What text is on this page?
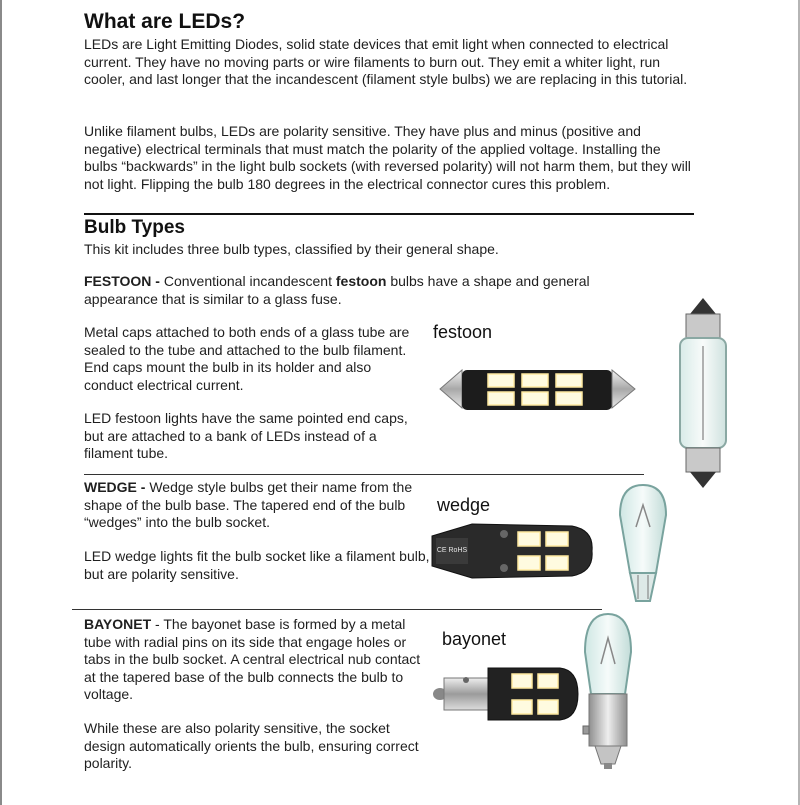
What are LEDs?

LEDs are Light Emitting Diodes, solid state devices that emit light when connected to electrical current. They have no moving parts or wire filaments to burn out. They emit a whiter light, run cooler, and last longer that the incandescent (filament style bulbs) we are replacing in this tutorial.

Unlike filament bulbs, LEDs are polarity sensitive. They have plus and minus (positive and negative) electrical terminals that must match the polarity of the applied voltage. Installing the bulbs “backwards” in the light bulb sockets (with reversed polarity) will not harm them, but they will not light. Flipping the bulb 180 degrees in the electrical connector cures this problem.

Bulb Types

This kit includes three bulb types, classified by their general shape.

FESTOON - Conventional incandescent festoon bulbs have a shape and general appearance that is similar to a glass fuse.

Metal caps attached to both ends of a glass tube are sealed to the tube and attached to the bulb filament. End caps mount the bulb in its holder and also conduct electrical current.

LED festoon lights have the same pointed end caps, but are attached to a bank of LEDs instead of a filament tube.

festoon

WEDGE - Wedge style bulbs get their name from the shape of the bulb base. The tapered end of the bulb “wedges” into the bulb socket.

LED wedge lights fit the bulb socket like a filament bulb, but are polarity sensitive.

wedge
CE RoHS

BAYONET - The bayonet base is formed by a metal tube with radial pins on its side that engage holes or tabs in the bulb socket. A central electrical nub contact at the tapered base of the bulb connects the bulb to voltage.

While these are also polarity sensitive, the socket design automatically orients the bulb, ensuring correct polarity.

bayonet
